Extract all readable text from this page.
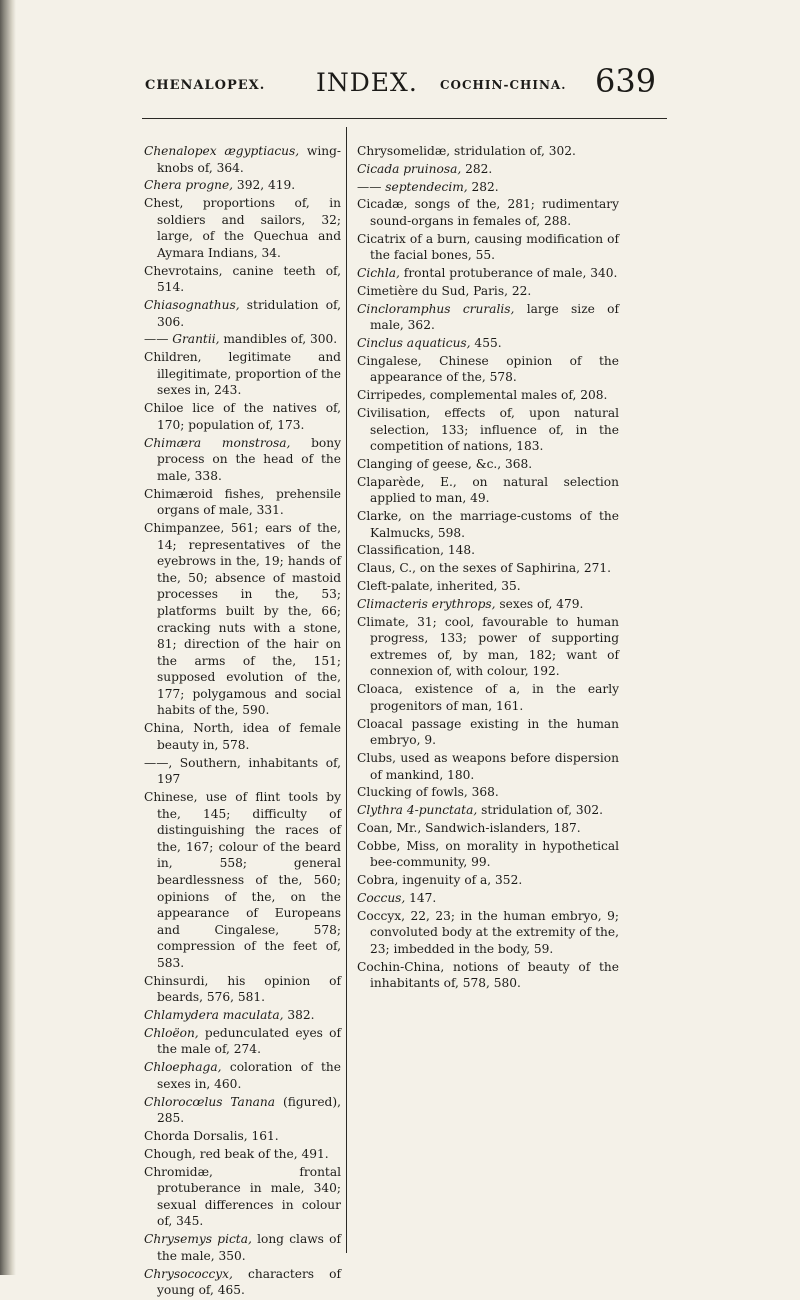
CHENALOPEX. INDEX. COCHIN-CHINA. 639
Chenalopex ægyptiacus, wing-knobs of, 364.
Chera progne, 392, 419.
Chest, proportions of, in soldiers and sailors, 32; large, of the Quechua and Aymara Indians, 34.
Chevrotains, canine teeth of, 514.
Chiasognathus, stridulation of, 306.
—— Grantii, mandibles of, 300.
Children, legitimate and illegitimate, proportion of the sexes in, 243.
Chiloe lice of the natives of, 170; population of, 173.
Chimæra monstrosa, bony process on the head of the male, 338.
Chimæroid fishes, prehensile organs of male, 331.
Chimpanzee, 561; ears of the, 14; representatives of the eyebrows in the, 19; hands of the, 50; absence of mastoid processes in the, 53; platforms built by the, 66; cracking nuts with a stone, 81; direction of the hair on the arms of the, 151; supposed evolution of the, 177; polygamous and social habits of the, 590.
China, North, idea of female beauty in, 578.
——, Southern, inhabitants of, 197
Chinese, use of flint tools by the, 145; difficulty of distinguishing the races of the, 167; colour of the beard in, 558; general beardlessness of the, 560; opinions of the, on the appearance of Europeans and Cingalese, 578; compression of the feet of, 583.
Chinsurdi, his opinion of beards, 576, 581.
Chlamydera maculata, 382.
Chloëon, pedunculated eyes of the male of, 274.
Chloephaga, coloration of the sexes in, 460.
Chlorocœlus Tanana (figured), 285.
Chorda Dorsalis, 161.
Chough, red beak of the, 491.
Chromidæ, frontal protuberance in male, 340; sexual differences in colour of, 345.
Chrysemys picta, long claws of the male, 350.
Chrysococcyx, characters of young of, 465.
Chrysomelidæ, stridulation of, 302.
Cicada pruinosa, 282.
—— septendecim, 282.
Cicadæ, songs of the, 281; rudimentary sound-organs in females of, 288.
Cicatrix of a burn, causing modification of the facial bones, 55.
Cichla, frontal protuberance of male, 340.
Cimetière du Sud, Paris, 22.
Cincloramphus cruralis, large size of male, 362.
Cinclus aquaticus, 455.
Cingalese, Chinese opinion of the appearance of the, 578.
Cirripedes, complemental males of, 208.
Civilisation, effects of, upon natural selection, 133; influence of, in the competition of nations, 183.
Clanging of geese, &c., 368.
Claparède, E., on natural selection applied to man, 49.
Clarke, on the marriage-customs of the Kalmucks, 598.
Classification, 148.
Claus, C., on the sexes of Saphirina, 271.
Cleft-palate, inherited, 35.
Climacteris erythrops, sexes of, 479.
Climate, 31; cool, favourable to human progress, 133; power of supporting extremes of, by man, 182; want of connexion of, with colour, 192.
Cloaca, existence of a, in the early progenitors of man, 161.
Cloacal passage existing in the human embryo, 9.
Clubs, used as weapons before dispersion of mankind, 180.
Clucking of fowls, 368.
Clythra 4-punctata, stridulation of, 302.
Coan, Mr., Sandwich-islanders, 187.
Cobbe, Miss, on morality in hypothetical bee-community, 99.
Cobra, ingenuity of a, 352.
Coccus, 147.
Coccyx, 22, 23; in the human embryo, 9; convoluted body at the extremity of the, 23; imbedded in the body, 59.
Cochin-China, notions of beauty of the inhabitants of, 578, 580.
